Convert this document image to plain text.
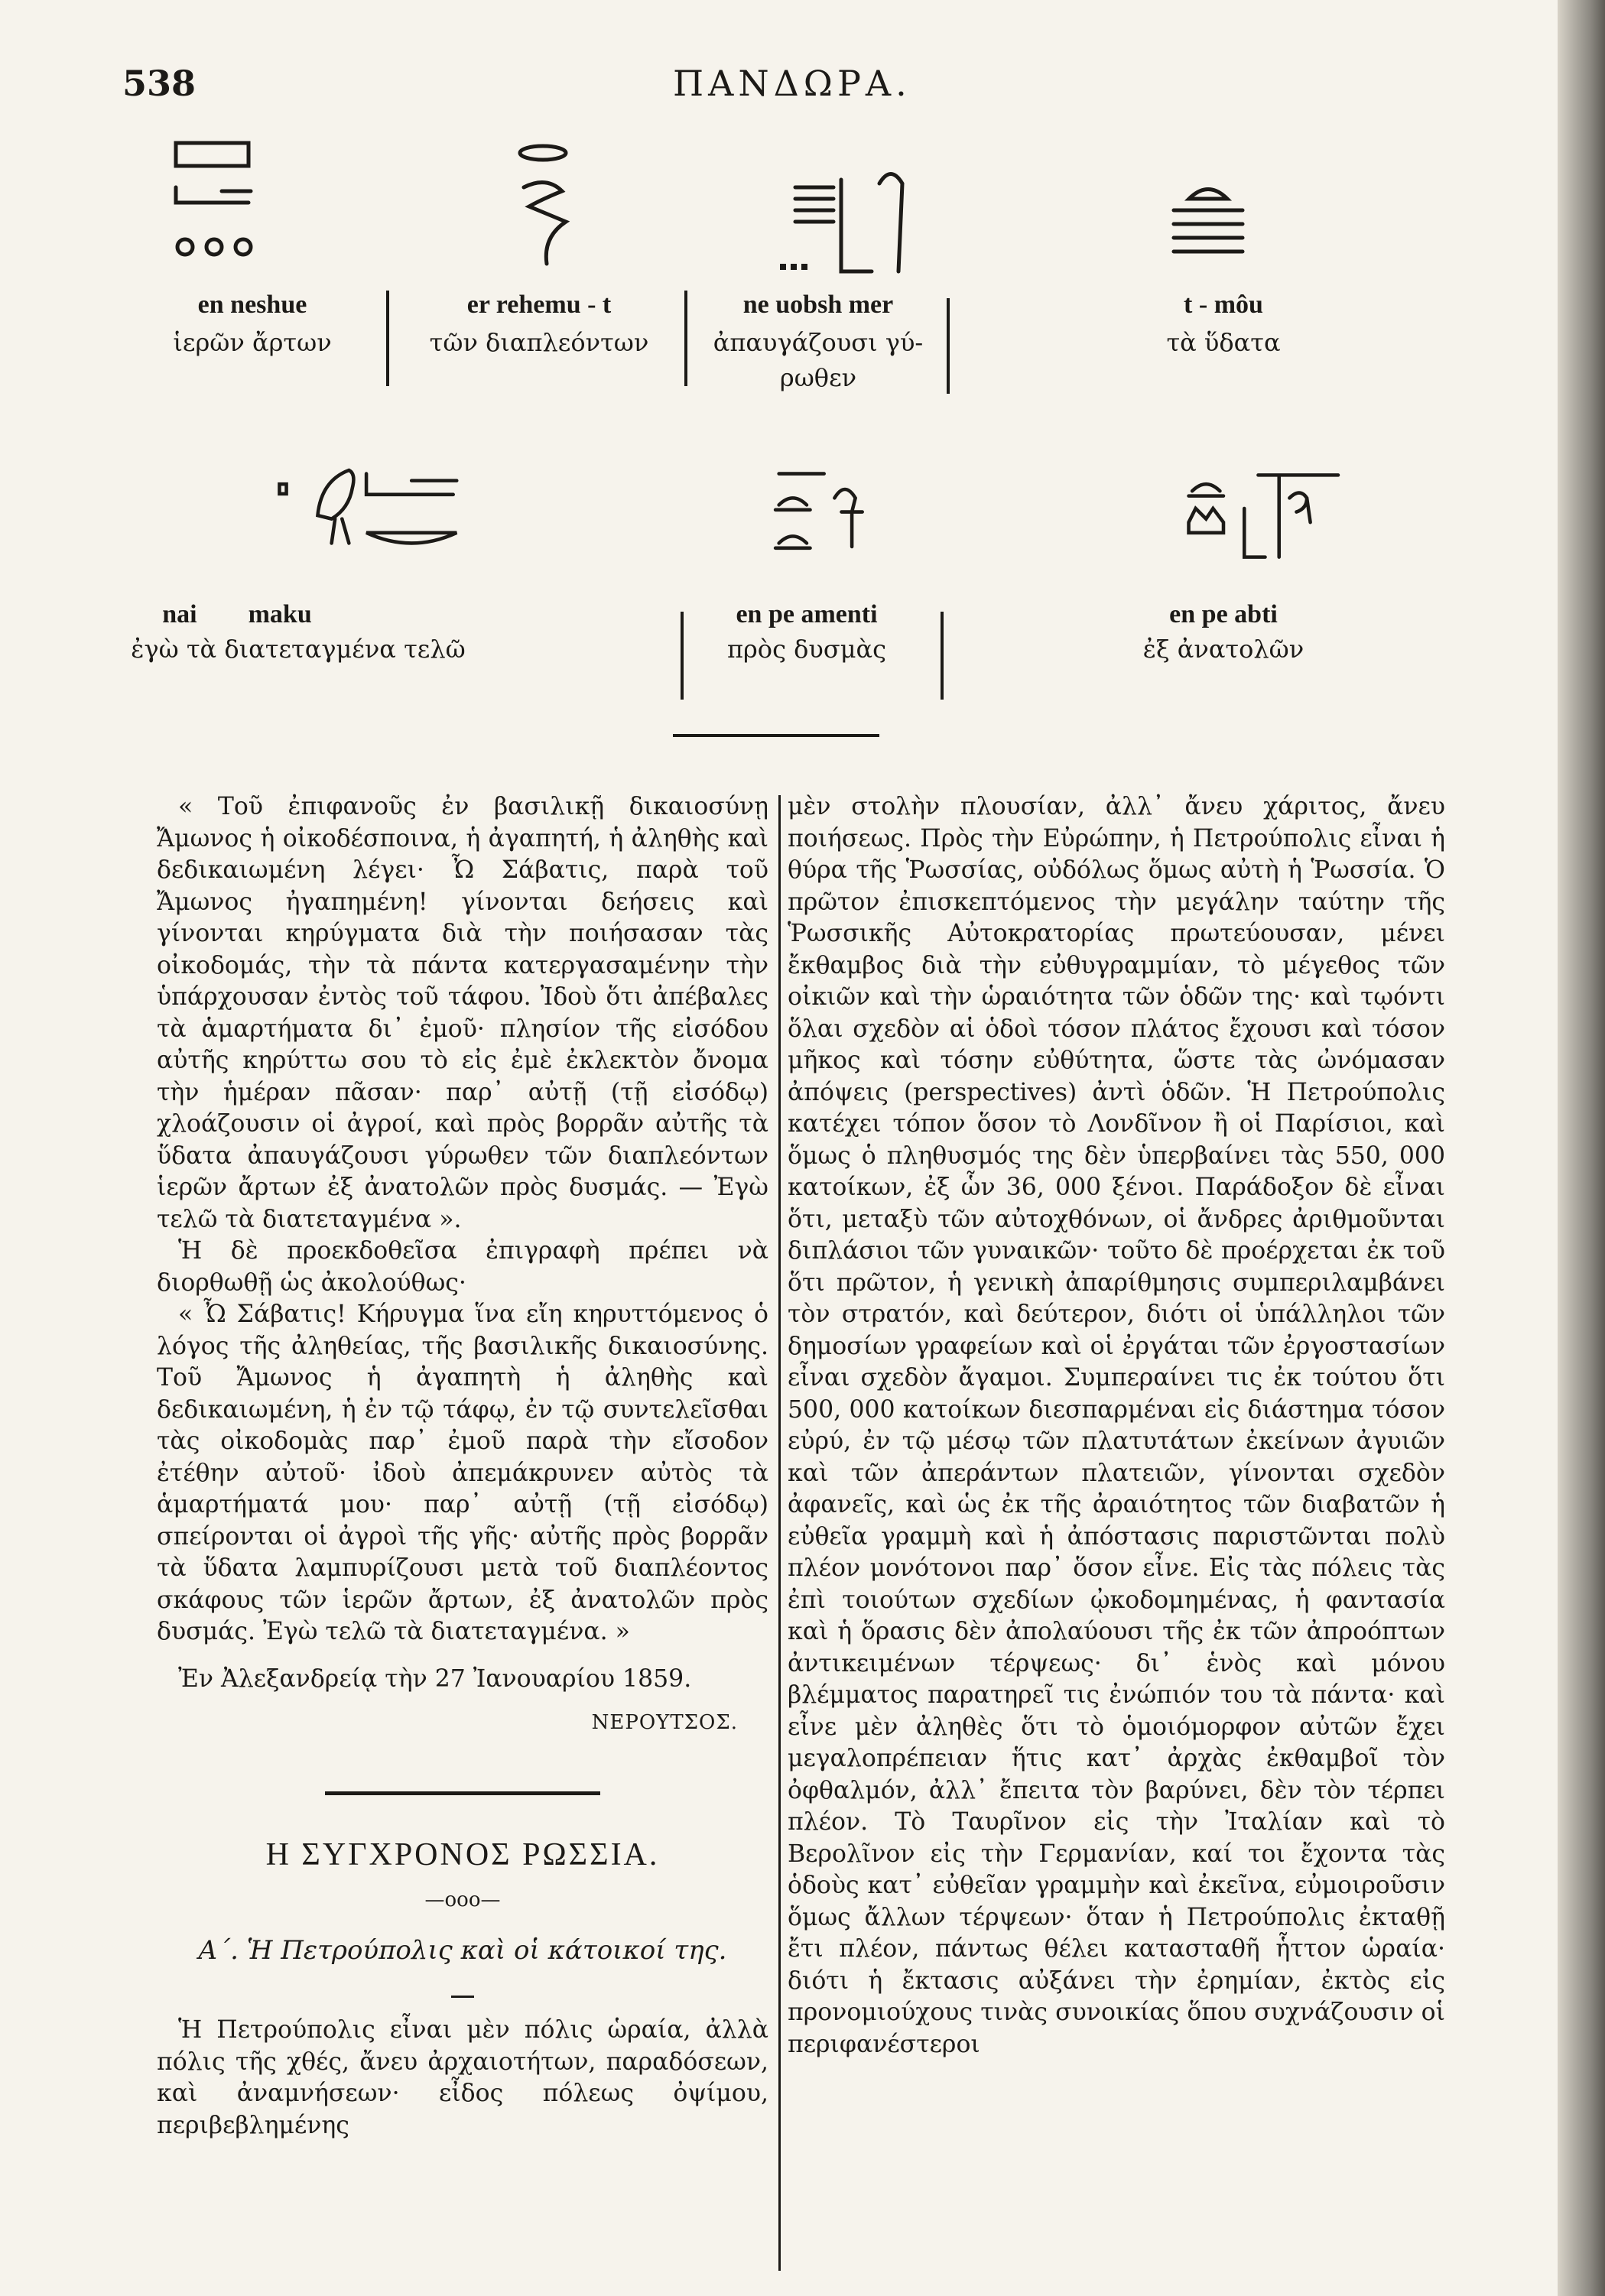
538	ΠΑΝΔΩΡΑ.
en neshue
ἱερῶν ἄρτων
er rehemu - t
τῶν διαπλεόντων
ne uobsh mer
ἀπαυγάζουσι γύ- ρωθεν
t - môu
τὰ ὕδατα
nai maku
ἐγὼ τὰ διατεταγμένα τελῶ
en pe amenti
πρὸς δυσμὰς
en pe abti
ἐξ ἀνατολῶν

« Τοῦ ἐπιφανοῦς ἐν βασιλικῇ δικαιοσύνῃ Ἄμωνος ἡ οἰκοδέσποινα, ἡ ἀγαπητή, ἡ ἀληθὴς καὶ δεδικαιωμένη λέγει· Ὦ Σάβατις, παρὰ τοῦ Ἄμωνος ἠγαπημένη! γίνονται δεήσεις καὶ γίνονται κηρύγματα διὰ τὴν ποιήσασαν τὰς οἰκοδομάς, τὴν τὰ πάντα κατεργασαμένην τὴν ὑπάρχουσαν ἐντὸς τοῦ τάφου. Ἰδοὺ ὅτι ἀπέβαλες τὰ ἁμαρτήματα δι᾽ ἐμοῦ· πλησίον τῆς εἰσόδου αὐτῆς κηρύττω σου τὸ εἰς ἐμὲ ἐκλεκτὸν ὄνομα τὴν ἡμέραν πᾶσαν· παρ᾽ αὐτῇ (τῇ εἰσόδῳ) χλοάζουσιν οἱ ἀγροί, καὶ πρὸς βορρᾶν αὐτῆς τὰ ὕδατα ἀπαυγάζουσι γύρωθεν τῶν διαπλεόντων ἱερῶν ἄρτων ἐξ ἀνατολῶν πρὸς δυσμάς. — Ἐγὼ τελῶ τὰ διατεταγμένα ».

Ἡ δὲ προεκδοθεῖσα ἐπιγραφὴ πρέπει νὰ διορθωθῇ ὡς ἀκολούθως·

« Ὦ Σάβατις! Κήρυγμα ἵνα εἴη κηρυττόμενος ὁ λόγος τῆς ἀληθείας, τῆς βασιλικῆς δικαιοσύνης. Τοῦ Ἄμωνος ἡ ἀγαπητὴ ἡ ἀληθὴς καὶ δεδικαιωμένη, ἡ ἐν τῷ τάφῳ, ἐν τῷ συντελεῖσθαι τὰς οἰκοδομὰς παρ᾽ ἐμοῦ παρὰ τὴν εἴσοδον ἐτέθην αὐτοῦ· ἰδοὺ ἀπεμάκρυνεν αὐτὸς τὰ ἁμαρτήματά μου· παρ᾽ αὐτῇ (τῇ εἰσόδῳ) σπείρονται οἱ ἀγροὶ τῆς γῆς· αὐτῆς πρὸς βορρᾶν τὰ ὕδατα λαμπυρίζουσι μετὰ τοῦ διαπλέοντος σκάφους τῶν ἱερῶν ἄρτων, ἐξ ἀνατολῶν πρὸς δυσμάς. Ἐγὼ τελῶ τὰ διατεταγμένα. »

Ἐν Ἀλεξανδρείᾳ τὴν 27 Ἰανουαρίου 1859.

ΝΕΡΟΥΤΣΟΣ.

Η ΣΥΓΧΡΟΝΟΣ ΡΩΣΣΙΑ.

—οοο—

Α΄. Ἡ Πετρούπολις καὶ οἱ κάτοικοί της.

Ἡ Πετρούπολις εἶναι μὲν πόλις ὡραία, ἀλλὰ πόλις τῆς χθές, ἄνευ ἀρχαιοτήτων, παραδόσεων, καὶ ἀναμνήσεων· εἶδος πόλεως ὀψίμου, περιβεβλημένης

μὲν στολὴν πλουσίαν, ἀλλ᾽ ἄνευ χάριτος, ἄνευ ποιήσεως. Πρὸς τὴν Εὐρώπην, ἡ Πετρούπολις εἶναι ἡ θύρα τῆς Ῥωσσίας, οὐδόλως ὅμως αὐτὴ ἡ Ῥωσσία. Ὁ πρῶτον ἐπισκεπτόμενος τὴν μεγάλην ταύτην τῆς Ῥωσσικῆς Αὐτοκρατορίας πρωτεύουσαν, μένει ἔκθαμβος διὰ τὴν εὐθυγραμμίαν, τὸ μέγεθος τῶν οἰκιῶν καὶ τὴν ὡραιότητα τῶν ὁδῶν της· καὶ τῳόντι ὅλαι σχεδὸν αἱ ὁδοὶ τόσον πλάτος ἔχουσι καὶ τόσον μῆκος καὶ τόσην εὐθύτητα, ὥστε τὰς ὠνόμασαν ἀπόψεις (perspectives) ἀντὶ ὁδῶν. Ἡ Πετρούπολις κατέχει τόπον ὅσον τὸ Λονδῖνον ἢ οἱ Παρίσιοι, καὶ ὅμως ὁ πληθυσμός της δὲν ὑπερβαίνει τὰς 550, 000 κατοίκων, ἐξ ὧν 36, 000 ξένοι. Παράδοξον δὲ εἶναι ὅτι, μεταξὺ τῶν αὐτοχθόνων, οἱ ἄνδρες ἀριθμοῦνται διπλάσιοι τῶν γυναικῶν· τοῦτο δὲ προέρχεται ἐκ τοῦ ὅτι πρῶτον, ἡ γενικὴ ἀπαρίθμησις συμπεριλαμβάνει τὸν στρατόν, καὶ δεύτερον, διότι οἱ ὑπάλληλοι τῶν δημοσίων γραφείων καὶ οἱ ἐργάται τῶν ἐργοστασίων εἶναι σχεδὸν ἄγαμοι. Συμπεραίνει τις ἐκ τούτου ὅτι 500, 000 κατοίκων διεσπαρμέναι εἰς διάστημα τόσον εὐρύ, ἐν τῷ μέσῳ τῶν πλατυτάτων ἐκείνων ἀγυιῶν καὶ τῶν ἀπεράντων πλατειῶν, γίνονται σχεδὸν ἀφανεῖς, καὶ ὡς ἐκ τῆς ἀραιότητος τῶν διαβατῶν ἡ εὐθεῖα γραμμὴ καὶ ἡ ἀπόστασις παριστῶνται πολὺ πλέον μονότονοι παρ᾽ ὅσον εἶνε. Εἰς τὰς πόλεις τὰς ἐπὶ τοιούτων σχεδίων ᾠκοδομημένας, ἡ φαντασία καὶ ἡ ὅρασις δὲν ἀπολαύουσι τῆς ἐκ τῶν ἀπροόπτων ἀντικειμένων τέρψεως· δι᾽ ἑνὸς καὶ μόνου βλέμματος παρατηρεῖ τις ἐνώπιόν του τὰ πάντα· καὶ εἶνε μὲν ἀληθὲς ὅτι τὸ ὁμοιόμορφον αὐτῶν ἔχει μεγαλοπρέπειαν ἥτις κατ᾽ ἀρχὰς ἐκθαμβοῖ τὸν ὀφθαλμόν, ἀλλ᾽ ἔπειτα τὸν βαρύνει, δὲν τὸν τέρπει πλέον. Τὸ Ταυρῖνον εἰς τὴν Ἰταλίαν καὶ τὸ Βερολῖνον εἰς τὴν Γερμανίαν, καί τοι ἔχοντα τὰς ὁδοὺς κατ᾽ εὐθεῖαν γραμμὴν καὶ ἐκεῖνα, εὐμοιροῦσιν ὅμως ἄλλων τέρψεων· ὅταν ἡ Πετρούπολις ἐκταθῇ ἔτι πλέον, πάντως θέλει κατασταθῆ ἧττον ὡραία· διότι ἡ ἔκτασις αὐξάνει τὴν ἐρημίαν, ἐκτὸς εἰς προνομιούχους τινὰς συνοικίας ὅπου συχνάζουσιν οἱ περιφανέστεροι
